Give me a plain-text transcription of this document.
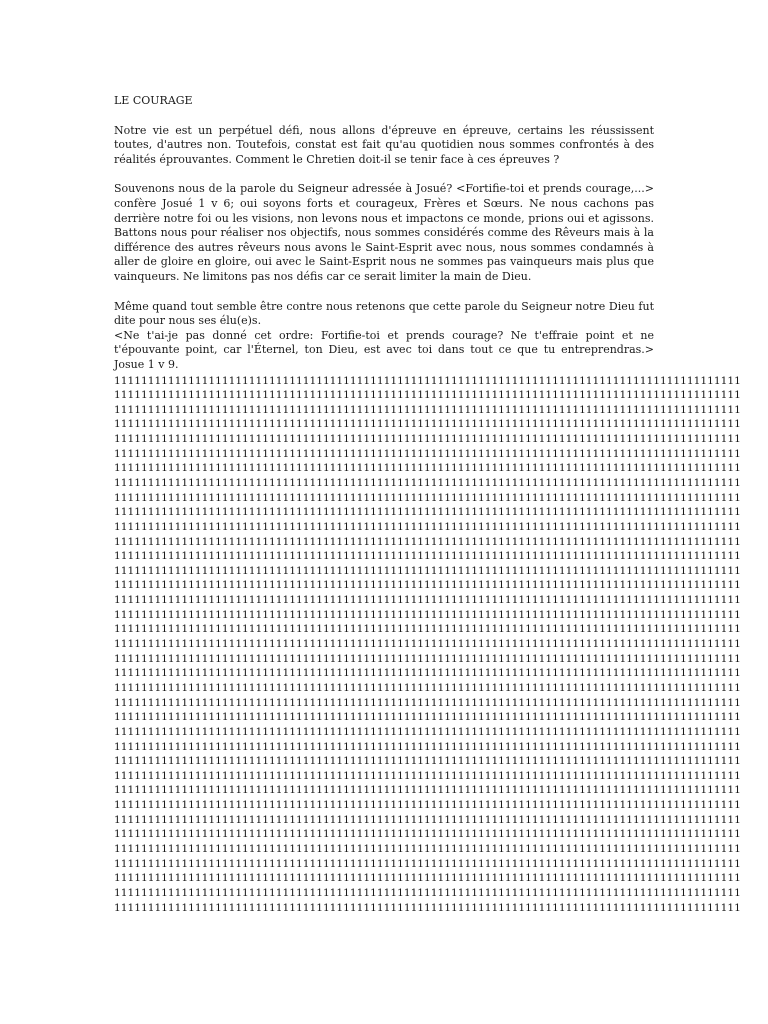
LE COURAGE

Notre vie est un perpétuel défi, nous allons d'épreuve en épreuve, certains les réussissent toutes, d'autres non. Toutefois, constat est fait qu'au quotidien nous sommes confrontés à des réalités éprouvantes. Comment le Chretien doit-il se tenir face à ces épreuves ?

Souvenons nous de la parole du Seigneur adressée à Josué? <Fortifie-toi et prends courage,...> confère Josué 1 v 6; oui soyons forts et courageux, Frères et Sœurs. Ne nous cachons pas derrière notre foi ou les visions, non levons nous et impactons ce monde, prions oui et agissons. Battons nous pour réaliser nos objectifs, nous sommes considérés comme des Rêveurs mais à la différence des autres rêveurs nous avons le Saint-Esprit avec nous, nous sommes condamnés à aller de gloire en gloire, oui avec le Saint-Esprit nous ne sommes pas vainqueurs mais plus que vainqueurs. Ne limitons pas nos défis car ce serait limiter la main de Dieu.

Même quand tout semble être contre nous retenons que cette parole du Seigneur notre Dieu fut dite pour nous ses élu(e)s.

<Ne t'ai-je pas donné cet ordre: Fortifie-toi et prends courage? Ne t'effraie point et ne t'épouvante point, car l'Éternel, ton Dieu, est avec toi dans tout ce que tu entreprendras.> Josue 1 v 9.

111111111111111111111111111111111111111111111111111111111111111111111111111111111111111111111
111111111111111111111111111111111111111111111111111111111111111111111111111111111111111111111
111111111111111111111111111111111111111111111111111111111111111111111111111111111111111111111
111111111111111111111111111111111111111111111111111111111111111111111111111111111111111111111
111111111111111111111111111111111111111111111111111111111111111111111111111111111111111111111
111111111111111111111111111111111111111111111111111111111111111111111111111111111111111111111
111111111111111111111111111111111111111111111111111111111111111111111111111111111111111111111
111111111111111111111111111111111111111111111111111111111111111111111111111111111111111111111
111111111111111111111111111111111111111111111111111111111111111111111111111111111111111111111
111111111111111111111111111111111111111111111111111111111111111111111111111111111111111111111
111111111111111111111111111111111111111111111111111111111111111111111111111111111111111111111
111111111111111111111111111111111111111111111111111111111111111111111111111111111111111111111
111111111111111111111111111111111111111111111111111111111111111111111111111111111111111111111
111111111111111111111111111111111111111111111111111111111111111111111111111111111111111111111
111111111111111111111111111111111111111111111111111111111111111111111111111111111111111111111
111111111111111111111111111111111111111111111111111111111111111111111111111111111111111111111
111111111111111111111111111111111111111111111111111111111111111111111111111111111111111111111
111111111111111111111111111111111111111111111111111111111111111111111111111111111111111111111
111111111111111111111111111111111111111111111111111111111111111111111111111111111111111111111
111111111111111111111111111111111111111111111111111111111111111111111111111111111111111111111
111111111111111111111111111111111111111111111111111111111111111111111111111111111111111111111
111111111111111111111111111111111111111111111111111111111111111111111111111111111111111111111
111111111111111111111111111111111111111111111111111111111111111111111111111111111111111111111
111111111111111111111111111111111111111111111111111111111111111111111111111111111111111111111
111111111111111111111111111111111111111111111111111111111111111111111111111111111111111111111
111111111111111111111111111111111111111111111111111111111111111111111111111111111111111111111
111111111111111111111111111111111111111111111111111111111111111111111111111111111111111111111
111111111111111111111111111111111111111111111111111111111111111111111111111111111111111111111
111111111111111111111111111111111111111111111111111111111111111111111111111111111111111111111
111111111111111111111111111111111111111111111111111111111111111111111111111111111111111111111
111111111111111111111111111111111111111111111111111111111111111111111111111111111111111111111
111111111111111111111111111111111111111111111111111111111111111111111111111111111111111111111
111111111111111111111111111111111111111111111111111111111111111111111111111111111111111111111
111111111111111111111111111111111111111111111111111111111111111111111111111111111111111111111
111111111111111111111111111111111111111111111111111111111111111111111111111111111111111111111
111111111111111111111111111111111111111111111111111111111111111111111111111111111111111111111
111111111111111111111111111111111111111111111111111111111111111111111111111111111111111111111
